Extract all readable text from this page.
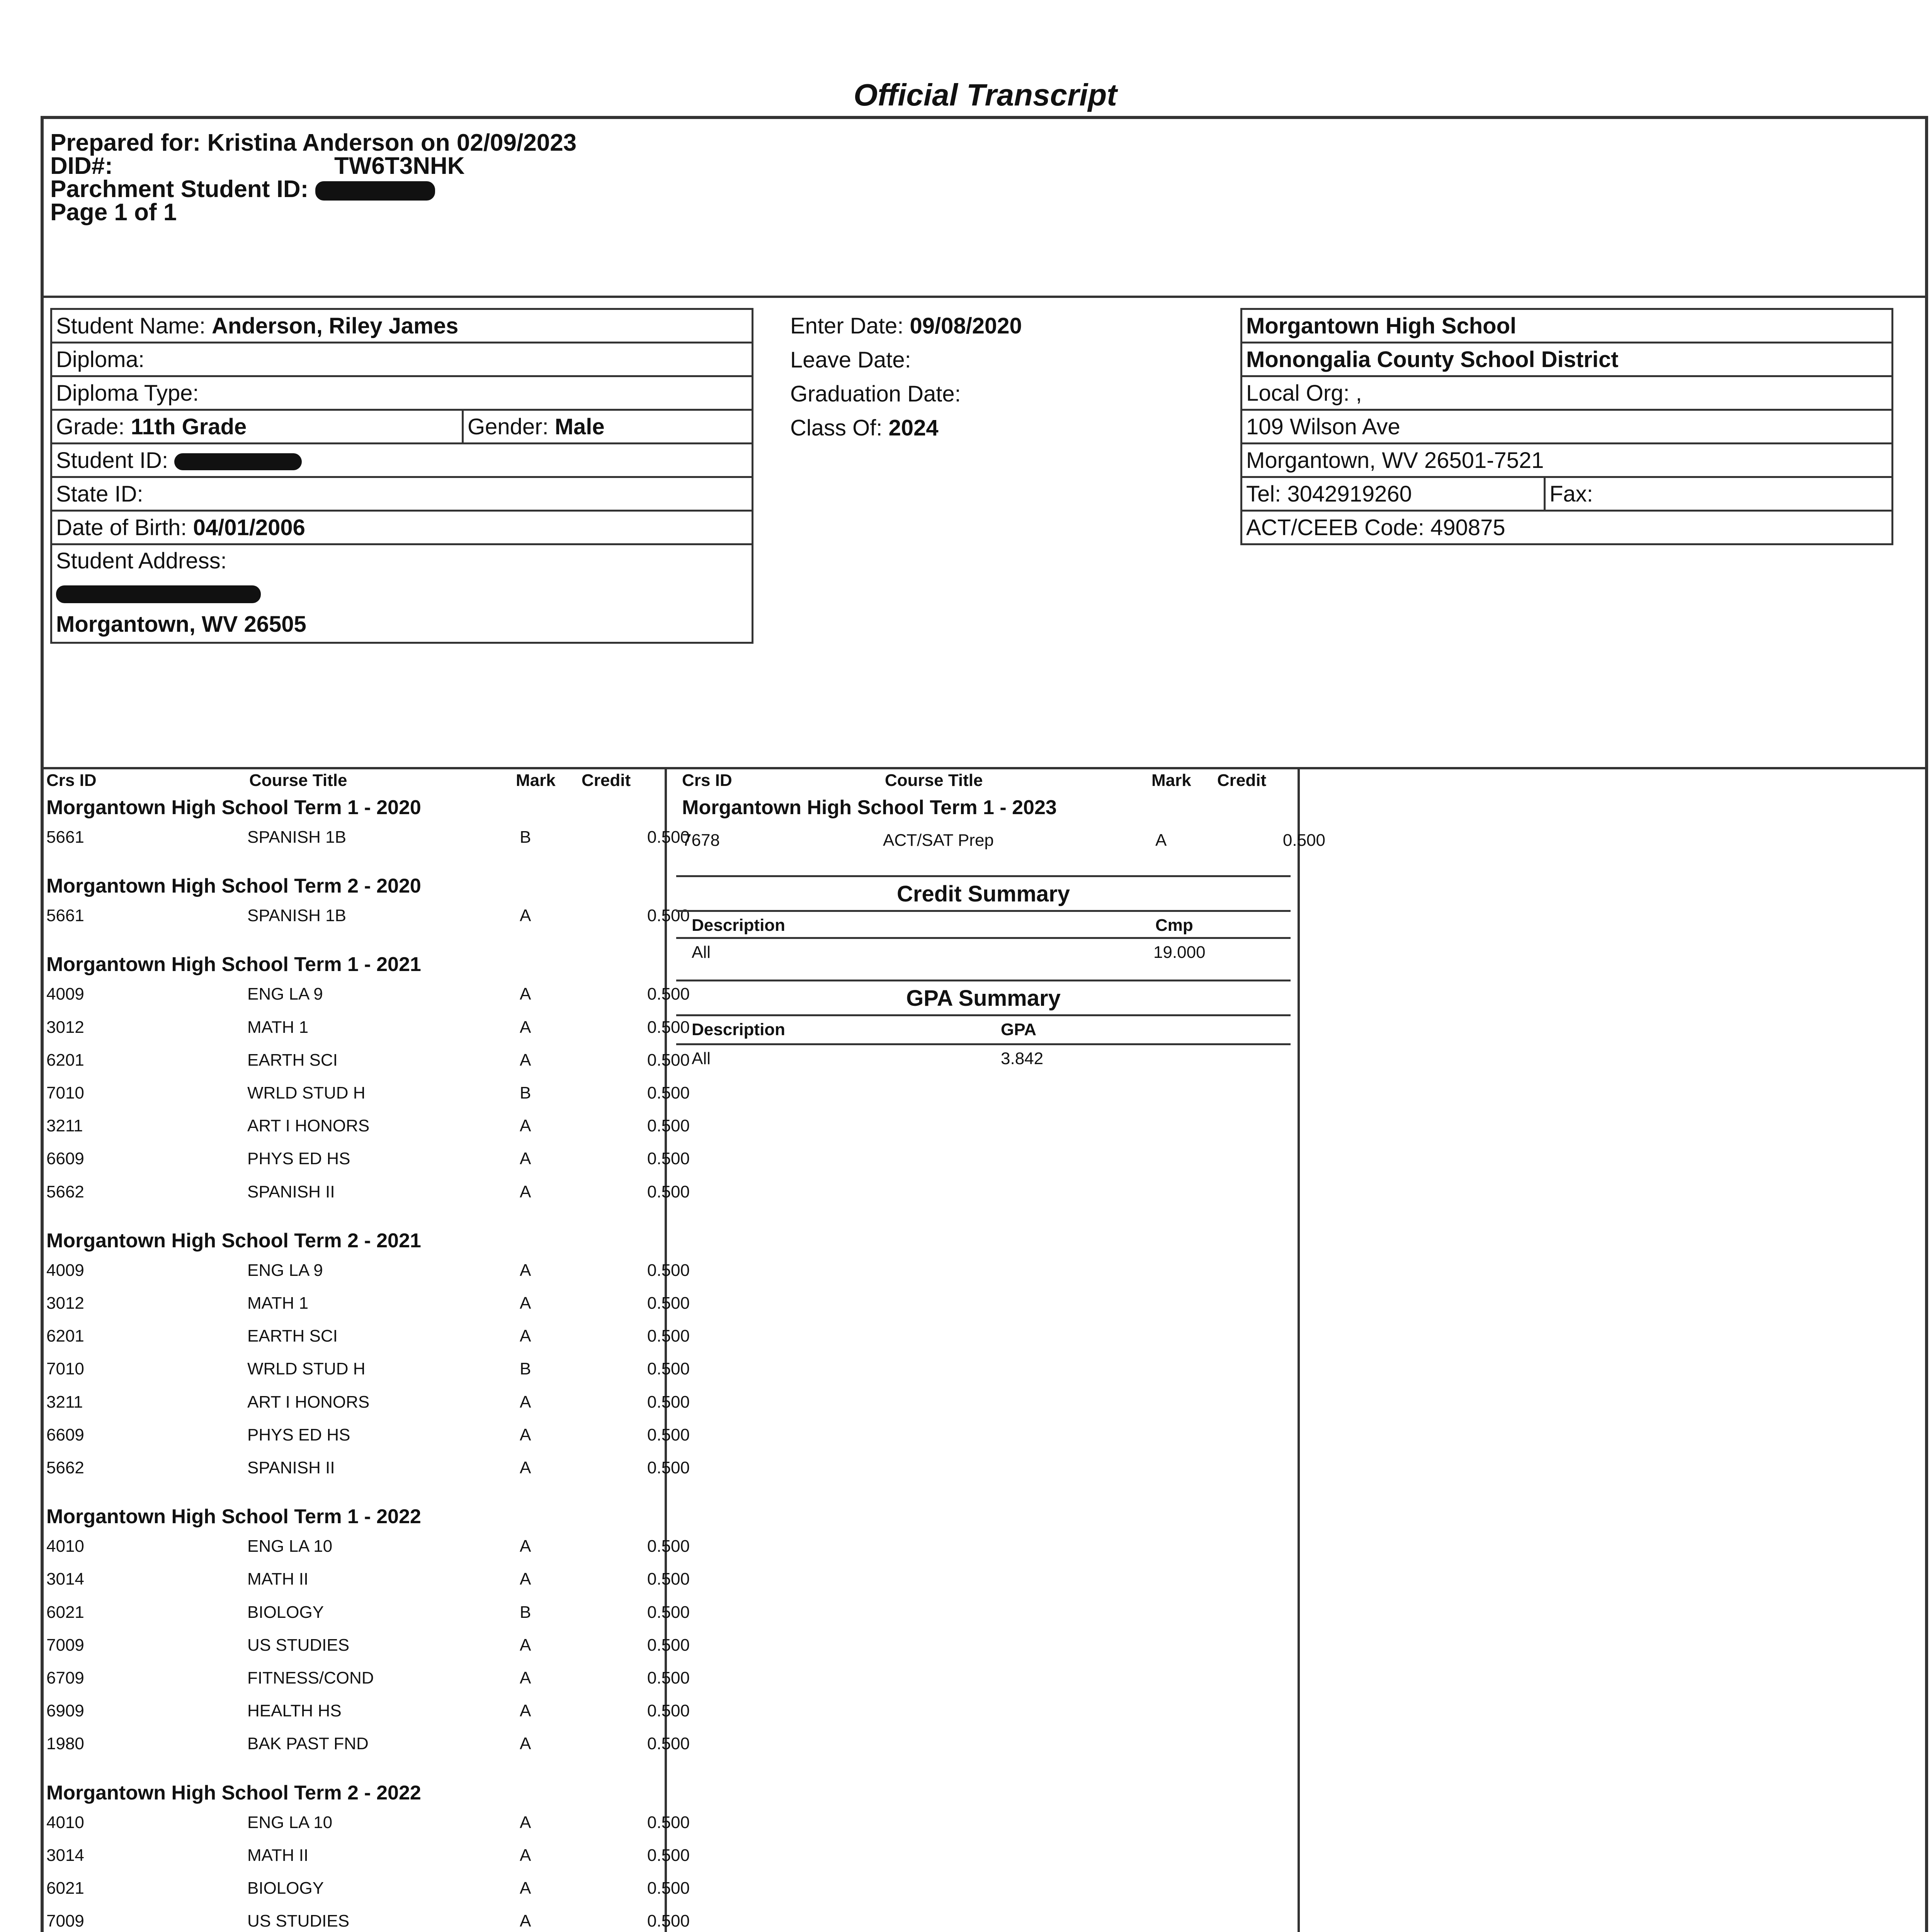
Official Transcript
Prepared for: Kristina Anderson on 02/09/2023
DID#:	TW6T3NHK
Parchment Student ID:
Page 1 of 1
Student Name: Anderson, Riley James
Diploma:
Diploma Type:
Grade: 11th Grade	Gender: Male
Student ID:
State ID:
Date of Birth: 04/01/2006

Student Address:
Morgantown, WV 26505
Enter Date: 09/08/2020
Leave Date:
Graduation Date:
Class Of: 2024
Morgantown High School
Monongalia County School District
Local Org: ,
109 Wilson Ave
Morgantown, WV 26501-7521
Tel: 3042919260	Fax:
ACT/CEEB Code: 490875
Crs ID	Course Title	Mark Credit
Morgantown High School Term 1 - 2020
5661	SPANISH 1B	B	0.500
Morgantown High School Term 2 - 2020
5661	SPANISH 1B	A	0.500
Morgantown High School Term 1 - 2021
4009	ENG LA 9	A	0.500
3012	MATH 1	A	0.500
6201	EARTH SCI	A	0.500
7010	WRLD STUD H	B	0.500
3211	ART I HONORS	A	0.500
6609	PHYS ED HS	A	0.500
5662	SPANISH II	A	0.500
Morgantown High School Term 2 - 2021
4009	ENG LA 9	A	0.500
3012	MATH 1	A	0.500
6201	EARTH SCI	A	0.500
7010	WRLD STUD H	B	0.500
3211	ART I HONORS	A	0.500
6609	PHYS ED HS	A	0.500
5662	SPANISH II	A	0.500
Morgantown High School Term 1 - 2022
4010	ENG LA 10	A	0.500
3014	MATH II	A	0.500
6021	BIOLOGY	B	0.500
7009	US STUDIES	A	0.500
6709	FITNESS/COND	A	0.500
6909	HEALTH HS	A	0.500
1980	BAK PAST FND	A	0.500
Morgantown High School Term 2 - 2022
4010	ENG LA 10	A	0.500
3014	MATH II	A	0.500
6021	BIOLOGY	A	0.500
7009	US STUDIES	A	0.500
Crs ID	Course Title	Mark Credit
Morgantown High School Term 1 - 2023
7678	ACT/SAT Prep	A	0.500
Credit Summary
Description	Cmp
All	19.000
GPA Summary
Description	GPA
All	3.842
